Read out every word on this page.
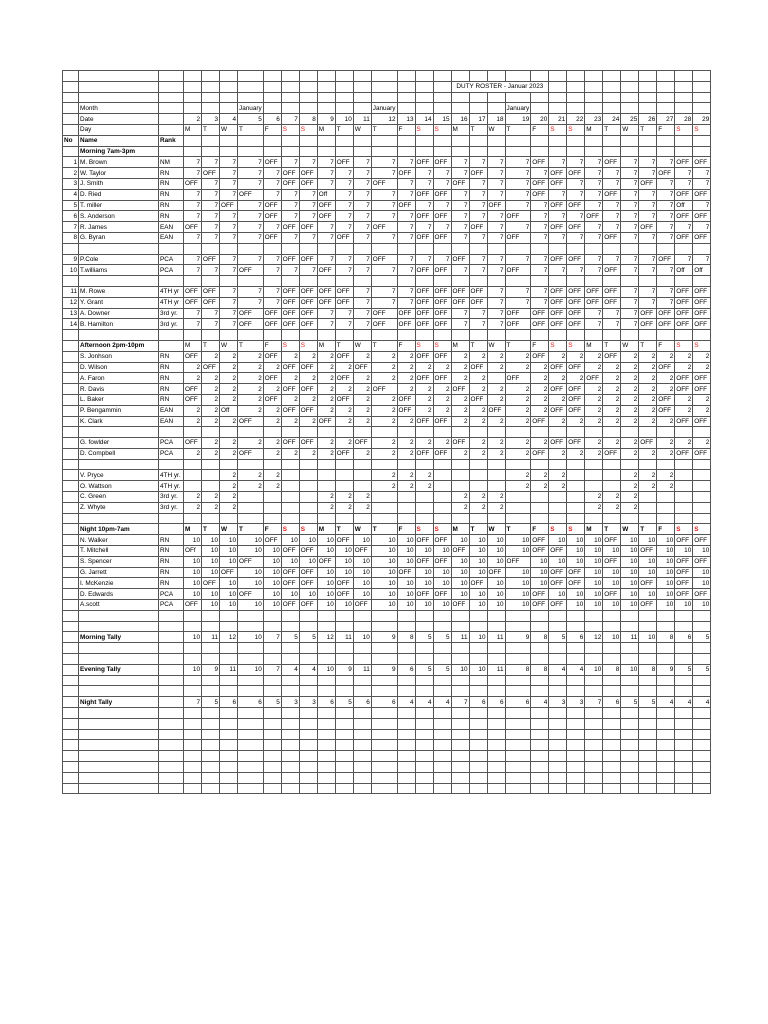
																	DUTY ROSTER - Januar 2023													

	Month					January							January							January										
	Date		2	3	4	5	6	7	8	9	10	11	12	13	14	15	16	17	18	19	20	21	22	23	24	25	26	27	28	29
	Day		M	T	W	T	F	S	S	M	T	W	T	F	S	S	M	T	W	T	F	S	S	M	T	W	T	F	S	S
No	Name	Rank																												
	Morning 7am-3pm																													
1	M. Brown	NM	7	7	7	7	OFF	7	7	7	OFF	7	7	7	OFF	OFF	7	7	7	7	OFF	7	7	7	OFF	7	7	7	OFF	OFF
2	W. Taylor	RN	7	OFF	7	7	7	OFF	OFF	7	7	7	7	OFF	7	7	7	OFF	7	7	7	OFF	OFF	7	7	7	7	OFF	7	7
3	J. Smith	RN	OFF	7	7	7	7	OFF	OFF	7	7	7	OFF	7	7	7	OFF	7	7	7	OFF	OFF	7	7	7	7	OFF	7	7	7
4	D. Ried	RN	7	7	7	OFF	7	7	7	Off	7	7	7	7	OFF	OFF	7	7	7	7	OFF	7	7	7	OFF	7	7	7	OFF	OFF
5	T. miller	RN	7	7	OFF	7	OFF	7	7	OFF	7	7	7	OFF	7	7	7	7	OFF	7	7	OFF	OFF	7	7	7	7	7	Off	7
6	S. Anderson	RN	7	7	7	7	OFF	7	7	OFF	7	7	7	7	OFF	OFF	7	7	7	OFF	7	7	7	OFF	7	7	7	7	OFF	OFF
7	R. James	EAN	OFF	7	7	7	7	OFF	OFF	7	7	7	OFF	7	7	7	7	OFF	7	7	7	OFF	OFF	7	7	7	OFF	7	7	7
8	G. Byran	EAN	7	7	7	7	OFF	7	7	7	OFF	7	7	7	OFF	OFF	7	7	7	OFF	7	7	7	7	OFF	7	7	7	OFF	OFF

9	P.Cole	PCA	7	OFF	7	7	7	OFF	OFF	7	7	7	OFF	7	7	7	OFF	7	7	7	7	OFF	OFF	7	7	7	7	OFF	7	7
10	T.williams	PCA	7	7	7	OFF	7	7	7	OFF	7	7	7	7	OFF	OFF	7	7	7	OFF	7	7	7	7	OFF	7	7	7	Off	Off

11	M. Rowe	4TH yr	OFF	OFF	7	7	7	OFF	OFF	OFF	OFF	7	7	7	OFF	OFF	OFF	OFF	7	7	7	OFF	OFF	OFF	OFF	7	7	7	OFF	OFF
12	Y. Grant	4TH yr	OFF	OFF	7	7	7	OFF	OFF	OFF	OFF	7	7	7	OFF	OFF	OFF	OFF	7	7	7	OFF	OFF	OFF	OFF	7	7	7	OFF	OFF
13	A. Downer	3rd yr.	7	7	7	OFF	OFF	OFF	OFF	7	7	7	OFF	OFF	OFF	OFF	7	7	7	OFF	OFF	OFF	OFF	7	7	7	OFF	OFF	OFF	OFF
14	B. Hamilton	3rd yr.	7	7	7	OFF	OFF	OFF	OFF	7	7	7	OFF	OFF	OFF	OFF	7	7	7	OFF	OFF	OFF	OFF	7	7	7	OFF	OFF	OFF	OFF

	Afternoon 2pm-10pm		M	T	W	T	F	S	S	M	T	W	T	F	S	S	M	T	W	T	F	S	S	M	T	W	T	F	S	S
	S. Jonhson	RN	OFF	2	2	2	OFF	2	2	2	OFF	2	2	2	OFF	OFF	2	2	2	2	OFF	2	2	2	OFF	2	2	2	2	2
	D. Wilson	RN	2	OFF	2	2	2	OFF	OFF	2	2	OFF	2	2	2	2	2	OFF	2	2	2	OFF	OFF	2	2	2	2	OFF	2	2
	A. Faron	RN	2	2	2	2	OFF	2	2	2	OFF	2	2	2	OFF	OFF	2	2		OFF	2	2	2	OFF	2	2	2	2	OFF	OFF
	R. Davis	RN	OFF	2	2	2	2	OFF	OFF	2	2	2	OFF	2	2	2	OFF	2	2	2	2	OFF	OFF	2	2	2	2	2	OFF	OFF
	L. Baker	RN	OFF	2	2	2	OFF	2	2	2	OFF	2	2	OFF	2	2	2	OFF	2	2	2	2	OFF	2	2	2	2	OFF	2	2
	P. Bengammin	EAN	2	2	Off	2	2	OFF	OFF	2	2	2	2	OFF	2	2	2	2	OFF	2	2	OFF	OFF	2	2	2	2	OFF	2	2
	K. Clark	EAN	2	2	2	OFF	2	2	2	OFF	2	2	2	2	OFF	OFF	2	2	2	2	OFF	2	2	2	2	2	2	2	OFF	OFF

	G. fowlder	PCA	OFF	2	2	2	2	OFF	OFF	2	2	OFF	2	2	2	2	OFF	2	2	2	2	OFF	OFF	2	2	2	OFF	2	2	2
	D. Compbell	PCA	2	2	2	OFF	2	2	2	2	OFF	2	2	2	OFF	OFF	2	2	2	2	OFF	2	2	2	OFF	2	2	2	OFF	OFF

	V. Pryce	4TH yr.			2	2	2						2	2	2					2	2	2				2	2	2		
	O. Wattson	4TH yr.			2	2	2						2	2	2					2	2	2				2	2	2		
	C. Green	3rd yr.	2	2	2					2	2	2					2	2	2					2	2	2				
	Z. Whyte	3rd yr.	2	2	2					2	2	2					2	2	2					2	2	2				

	Night 10pm-7am		M	T	W	T	F	S	S	M	T	W	T	F	S	S	M	T	W	T	F	S	S	M	T	W	T	F	S	S
	N. Walker	RN	10	10	10	10	OFF	10	10	10	OFF	10	10	10	OFF	OFF	10	10	10	10	OFF	10	10	10	OFF	10	10	10	OFF	OFF
	T. Mitchell	RN	OFf	10	10	10	10	OFF	OFF	10	10	OFF	10	10	10	10	OFF	10	10	10	OFF	OFF	10	10	10	10	OFF	10	10	10
	S. Spencer	RN	10	10	10	OFF	10	10	10	OFF	10	10	10	10	OFF	OFF	10	10	10	OFF	10	10	10	10	OFF	10	10	10	OFF	OFF
	G. Jarrett	RN	10	10	OFF	10	10	OFF	OFF	10	10	10	10	OFF	10	10	10	10	OFF	10	10	OFF	OFF	10	10	10	10	10	OFF	10
	I. McKenzie	RN	10	OFF	10	10	10	OFF	OFF	10	OFF	10	10	10	10	10	10	OFF	10	10	10	OFF	OFF	10	10	10	OFF	10	OFF	10
	D. Edwards	PCA	10	10	10	OFF	10	10	10	10	OFF	10	10	10	OFF	OFF	10	10	10	10	OFF	10	10	10	OFF	10	10	10	OFF	OFF
	A.scott	PCA	OFF	10	10	10	10	OFF	OFF	10	10	OFF	10	10	10	10	OFF	10	10	10	OFF	OFF	10	10	10	10	OFF	10	10	10

	Morning Tally		10	11	12	10	7	5	5	12	11	10	9	8	5	5	11	10	11	9	8	5	6	12	10	11	10	8	6	5

	Evening Tally		10	9	11	10	7	4	4	10	9	11	9	6	5	5	10	10	11	8	8	4	4	10	8	10	8	9	5	5

	Night Tally		7	5	6	6	5	3	3	6	5	6	6	4	4	4	7	6	6	6	4	3	3	7	6	5	5	4	4	4
